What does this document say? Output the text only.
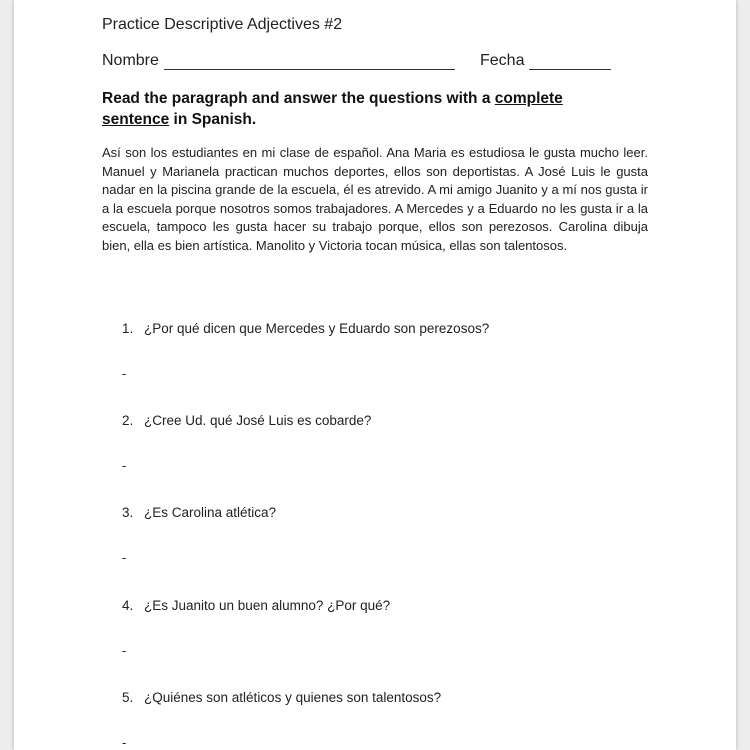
Practice Descriptive Adjectives #2
Nombre	Fecha
Read the paragraph and answer the questions with a complete
sentence in Spanish.
Así son los estudiantes en mi clase de español. Ana Maria es estudiosa le gusta mucho leer. Manuel y Marianela practican muchos deportes, ellos son deportistas. A José Luis le gusta nadar en la piscina grande de la escuela, él es atrevido. A mi amigo Juanito y a mí nos gusta ir a la escuela porque nosotros somos trabajadores. A Mercedes y a Eduardo no les gusta ir a la escuela, tampoco les gusta hacer su trabajo porque, ellos son perezosos. Carolina dibuja bien, ella es bien artística. Manolito y Victoria tocan música, ellas son talentosos.
1. ¿Por qué dicen que Mercedes y Eduardo son perezosos?
-
2. ¿Cree Ud. qué José Luis es cobarde?
-
3. ¿Es Carolina atlética?
-
4. ¿Es Juanito un buen alumno? ¿Por qué?
-
5. ¿Quiénes son atléticos y quienes son talentosos?
-
